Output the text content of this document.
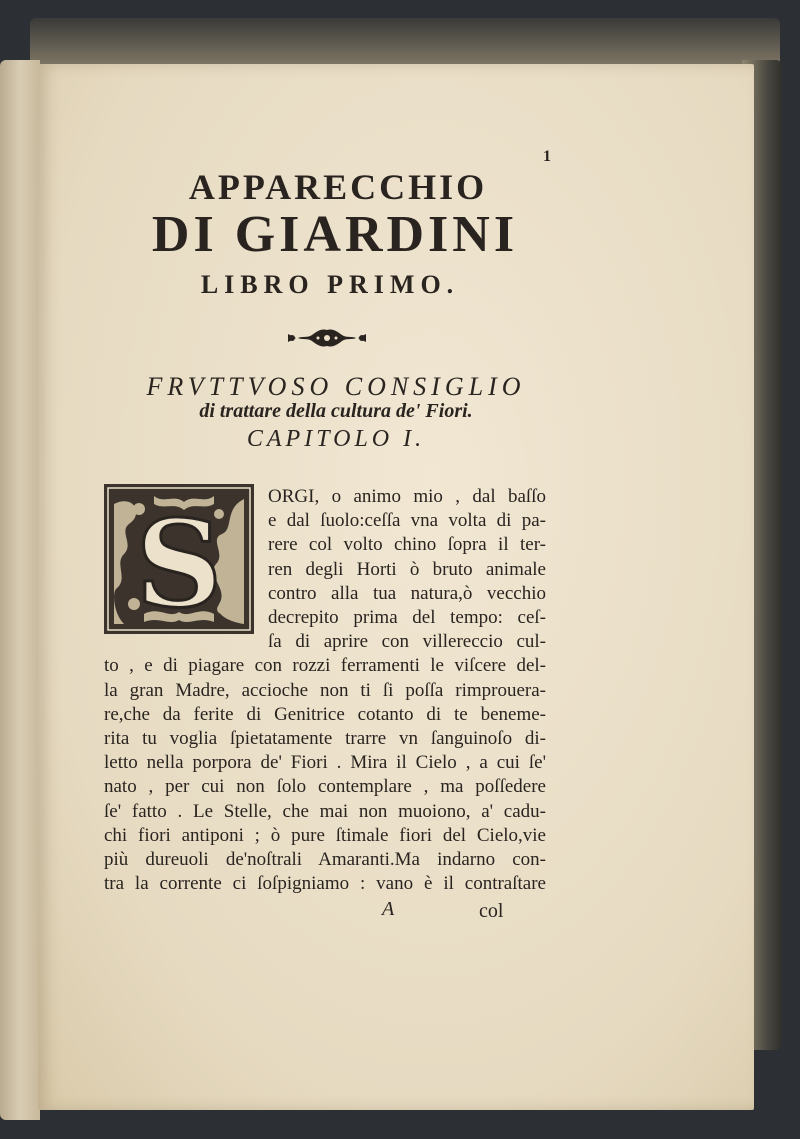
1
APPARECCHIO
DI GIARDINI
LIBRO PRIMO.
FRVTTVOSO CONSIGLIO
di trattare della cultura de' Fiori.
CAPITOLO I.
S ORGI, o animo mio , dal baſſo
e dal ſuolo:ceſſa vna volta di pa-
rere col volto chino ſopra il ter-
ren degli Horti ò bruto animale
contro alla tua natura,ò vecchio
decrepito prima del tempo: ceſ-
ſa di aprire con villereccio cul-
to , e di piagare con rozzi ferramenti le viſcere del-
la gran Madre, accioche non ti ſi poſſa rimprouera-
re,che da ferite di Genitrice cotanto di te beneme-
rita tu voglia ſpietatamente trarre vn ſanguinoſo di-
letto nella porpora de' Fiori . Mira il Cielo , a cui ſe'
nato , per cui non ſolo contemplare , ma poſſedere
ſe' fatto . Le Stelle, che mai non muoiono, a' cadu-
chi fiori antiponi ; ò pure ſtimale fiori del Cielo,vie
più dureuoli de'noſtrali Amaranti.Ma indarno con-
tra la corrente ci ſoſpigniamo : vano è il contraſtare
A	col
